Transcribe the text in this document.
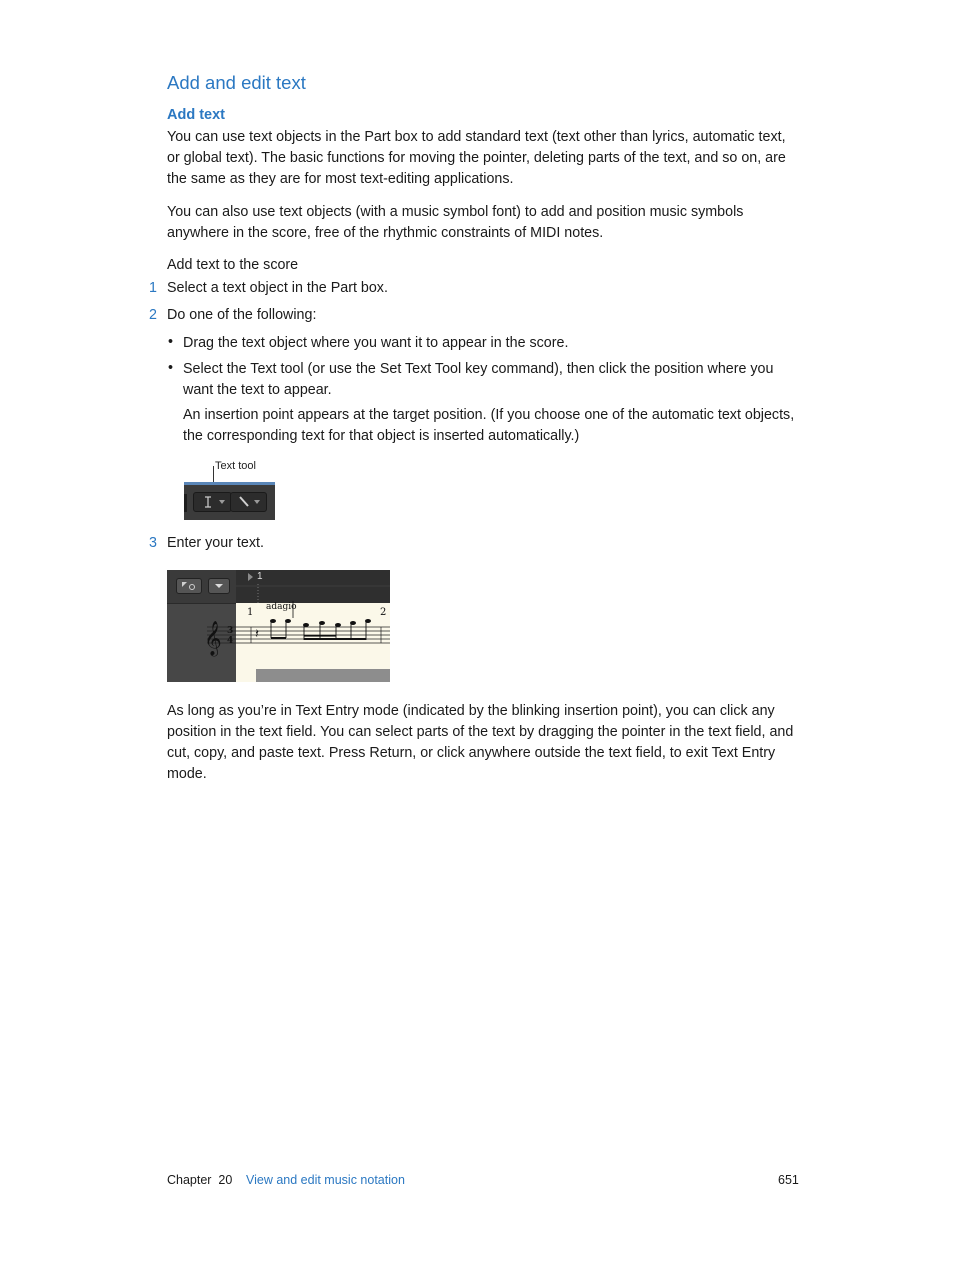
Add and edit text
Add text

You can use text objects in the Part box to add standard text (text other than lyrics, automatic text, or global text). The basic functions for moving the pointer, deleting parts of the text, and so on, are the same as they are for most text-editing applications.

You can also use text objects (with a music symbol font) to add and position music symbols anywhere in the score, free of the rhythmic constraints of MIDI notes.

Add text to the score
1 Select a text object in the Part box.
2 Do one of the following:
• Drag the text object where you want it to appear in the score.

• Select the Text tool (or use the Set Text Tool key command), then click the position where you want the text to appear.

An insertion point appears at the target position. (If you choose one of the automatic text objects, the corresponding text for that object is inserted automatically.)

Text tool
3 Enter your text.
1
𝄞 3
4 𝄽
adagio
1	2

As long as you’re in Text Entry mode (indicated by the blinking insertion point), you can click any position in the text field. You can select parts of the text by dragging the pointer in the text field, and cut, copy, and paste text. Press Return, or click anywhere outside the text field, to exit Text Entry mode.

Chapter  20 View and edit music notation	651
